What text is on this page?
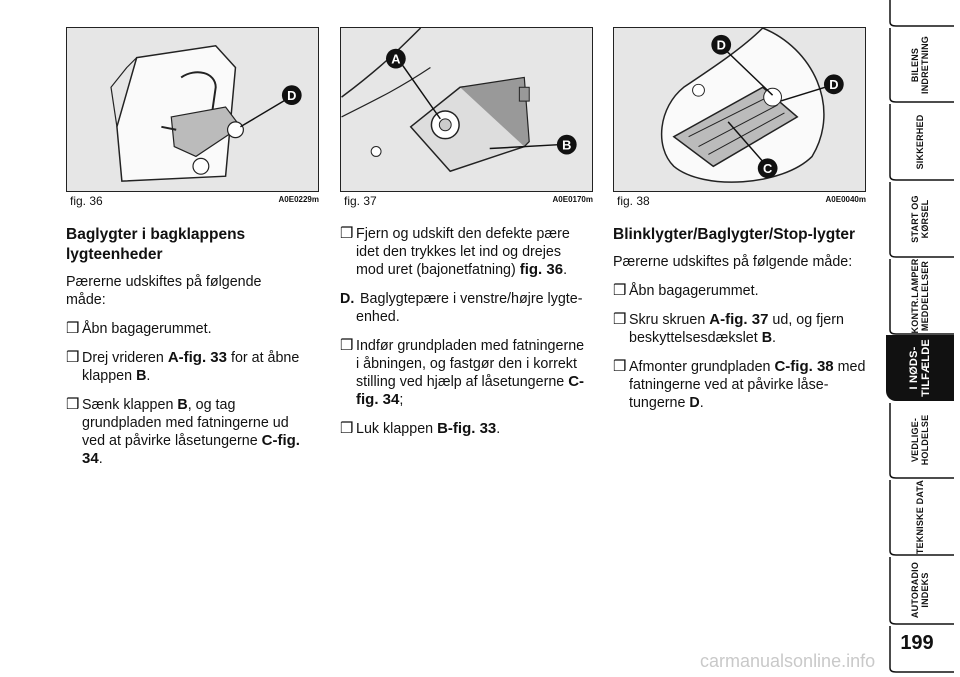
D
fig. 36	A0E0229m
A
B
fig. 37	A0E0170m
D
D
C
fig. 38	A0E0040m

Baglygter i bagklappens lygteenheder

Pærerne udskiftes på følgende måde:

❒ Åbn bagagerummet.

❒ Drej vrideren A-fig. 33 for at åbne klappen B.

❒ Sænk klappen B, og tag grundpladen med fatningerne ud ved at påvirke låsetungerne C-fig. 34.

❒ Fjern og udskift den defekte pære idet den trykkes let ind og drejes mod uret (bajonetfatning) fig. 36.

D. Baglygtepære i venstre/højre lygte-enhed.

❒ Indfør grundpladen med fatningerne i åbningen, og fastgør den i korrekt stilling ved hjælp af låsetungerne C-fig. 34;

❒ Luk klappen B-fig. 33.

Blinklygter/Baglygter/Stop-lygter

Pærerne udskiftes på følgende måde:

❒ Åbn bagagerummet.

❒ Skru skruen A-fig. 37 ud, og fjern beskyttelsesdækslet B.

❒ Afmonter grundpladen C-fig. 38 med fatningerne ved at påvirke låse-tungerne D.

BILENS
INDRETNING
SIKKERHED
START OG
KØRSEL
KONTR.LAMPER
MEDDELELSER
I NØDS-
TILFÆLDE
VEDLIGE-
HOLDELSE
TEKNISKE DATA
AUTORADIO
INDEKS
199
carmanualsonline.info
